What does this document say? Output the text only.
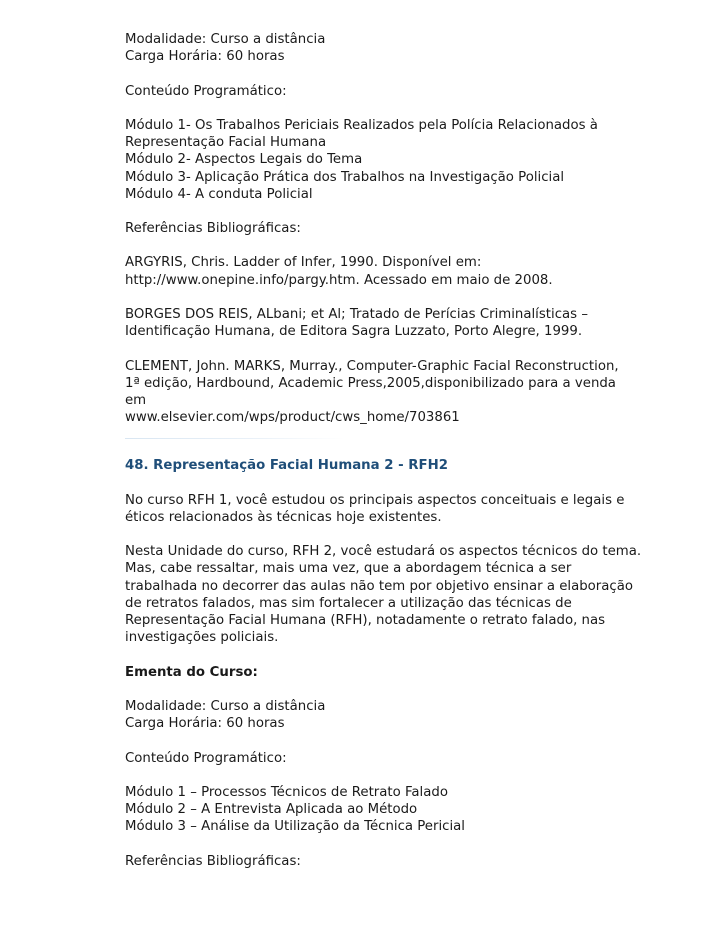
Modalidade: Curso a distância
Carga Horária: 60 horas
Conteúdo Programático:
Módulo 1- Os Trabalhos Periciais Realizados pela Polícia Relacionados à
Representação Facial Humana
Módulo 2- Aspectos Legais do Tema
Módulo 3- Aplicação Prática dos Trabalhos na Investigação Policial
Módulo 4- A conduta Policial
Referências Bibliográficas:
ARGYRIS, Chris. Ladder of Infer, 1990. Disponível em:
http://www.onepine.info/pargy.htm. Acessado em maio de 2008.
BORGES DOS REIS, ALbani; et Al; Tratado de Perícias Criminalísticas –
Identificação Humana, de Editora Sagra Luzzato, Porto Alegre, 1999.
CLEMENT, John. MARKS, Murray., Computer-Graphic Facial Reconstruction,
1ª edição, Hardbound, Academic Press,2005,disponibilizado para a venda
em
www.elsevier.com/wps/product/cws_home/703861
48. Representação Facial Humana 2 - RFH2
No curso RFH 1, você estudou os principais aspectos conceituais e legais e
éticos relacionados às técnicas hoje existentes.
Nesta Unidade do curso, RFH 2, você estudará os aspectos técnicos do tema.
Mas, cabe ressaltar, mais uma vez, que a abordagem técnica a ser
trabalhada no decorrer das aulas não tem por objetivo ensinar a elaboração
de retratos falados, mas sim fortalecer a utilização das técnicas de
Representação Facial Humana (RFH), notadamente o retrato falado, nas
investigações policiais.
Ementa do Curso:
Modalidade: Curso a distância
Carga Horária: 60 horas
Conteúdo Programático:
Módulo 1 – Processos Técnicos de Retrato Falado
Módulo 2 – A Entrevista Aplicada ao Método
Módulo 3 – Análise da Utilização da Técnica Pericial
Referências Bibliográficas:
